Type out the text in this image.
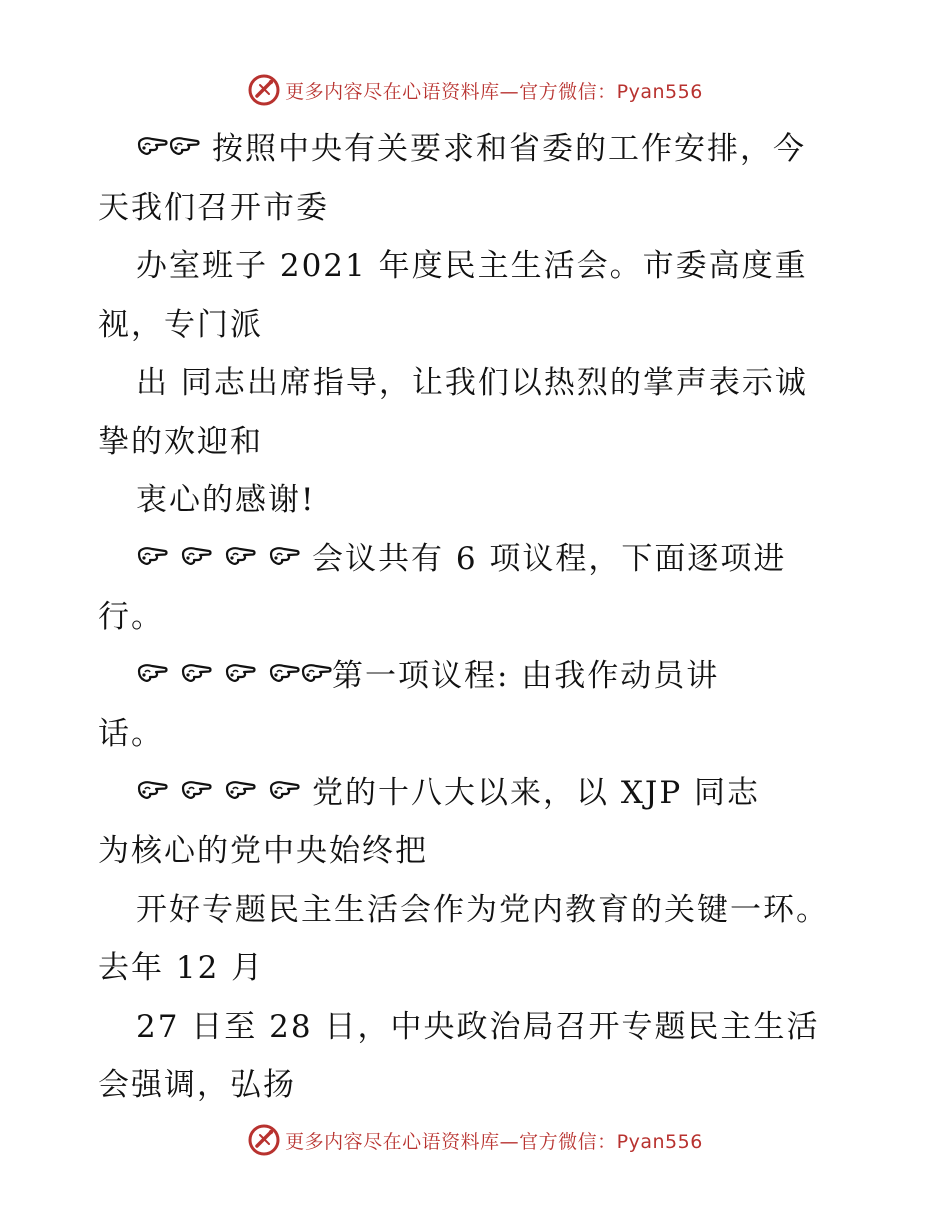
更多内容尽在心语资料库—官方微信：Pyan556
按照中央有关要求和省委的工作安排，今
天我们召开市委
办室班子 2021 年度民主生活会。市委高度重
视，专门派
出 同志出席指导，让我们以热烈的掌声表示诚
挚的欢迎和
衷心的感谢!
会议共有 6 项议程，下面逐项进
行。
第一项议程: 由我作动员讲
话。
党的十八大以来，以 XJP 同志
为核心的党中央始终把
开好专题民主生活会作为党内教育的关键一环。
去年 12 月
27 日至 28 日，中央政治局召开专题民主生活
会强调，弘扬
更多内容尽在心语资料库—官方微信：Pyan556
